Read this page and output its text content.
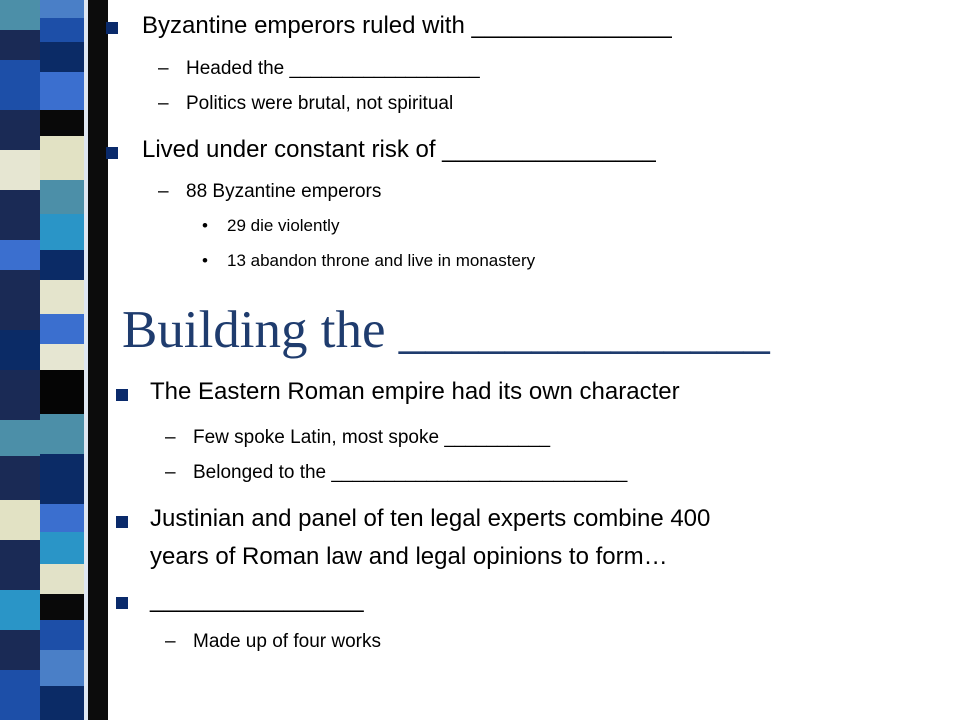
Byzantine emperors ruled with _______________
– Headed the __________________
– Politics were brutal, not spiritual
Lived under constant risk of ________________
– 88 Byzantine emperors
• 29 die violently
• 13 abandon throne and live in monastery
Building the ______________
The Eastern Roman empire had its own character
– Few spoke Latin, most spoke __________
– Belonged to the ____________________________
Justinian and panel of ten legal experts combine 400
years of Roman law and legal opinions to form…
________________
– Made up of four works
